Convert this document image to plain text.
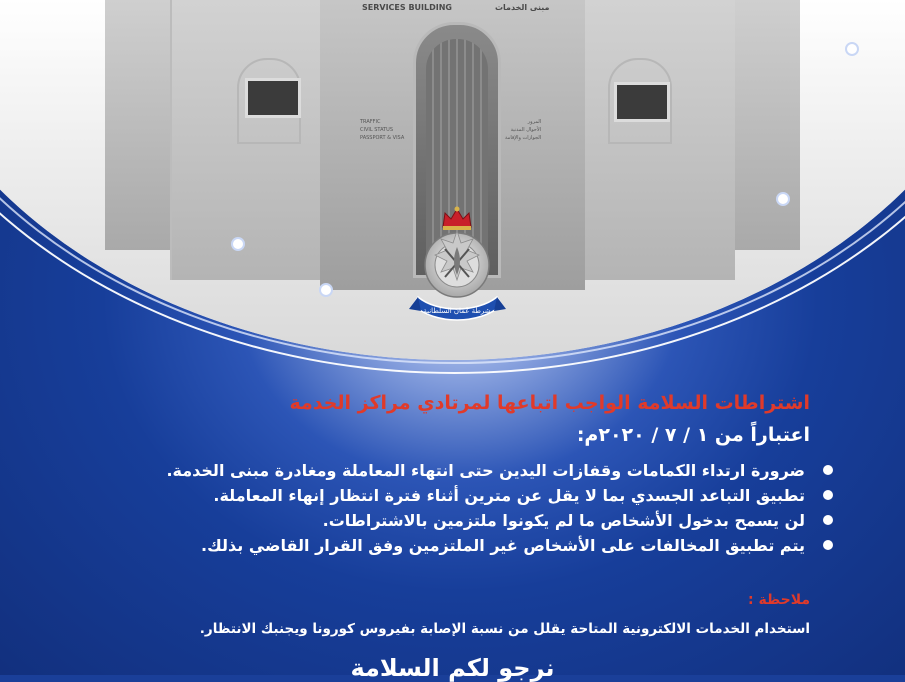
SERVICES BUILDING	مبنى الخدمات
TRAFFIC
CIVIL STATUS
PASSPORT & VISA
المرور
الأحوال المدنية
الجوازات والإقامة
شرطة عُمان السلطانية
اشتراطات السلامة الواجب اتباعها لمرتادي مراكز الخدمة
اعتباراً من ١ / ٧ / ٢٠٢٠م:
ضرورة ارتداء الكمامات وقفازات اليدين حتى انتهاء المعاملة ومغادرة مبنى الخدمة.
تطبيق التباعد الجسدي بما لا يقل عن مترين أثناء فترة انتظار إنهاء المعاملة.
لن يسمح بدخول الأشخاص ما لم يكونوا ملتزمين بالاشتراطات.
يتم تطبيق المخالفات على الأشخاص غير الملتزمين وفق القرار القاضي بذلك.
ملاحظة :
استخدام الخدمات الالكترونية المتاحة يقلل من نسبة الإصابة بفيروس كورونا ويجنبك الانتظار.
نرجو لكم السلامة
